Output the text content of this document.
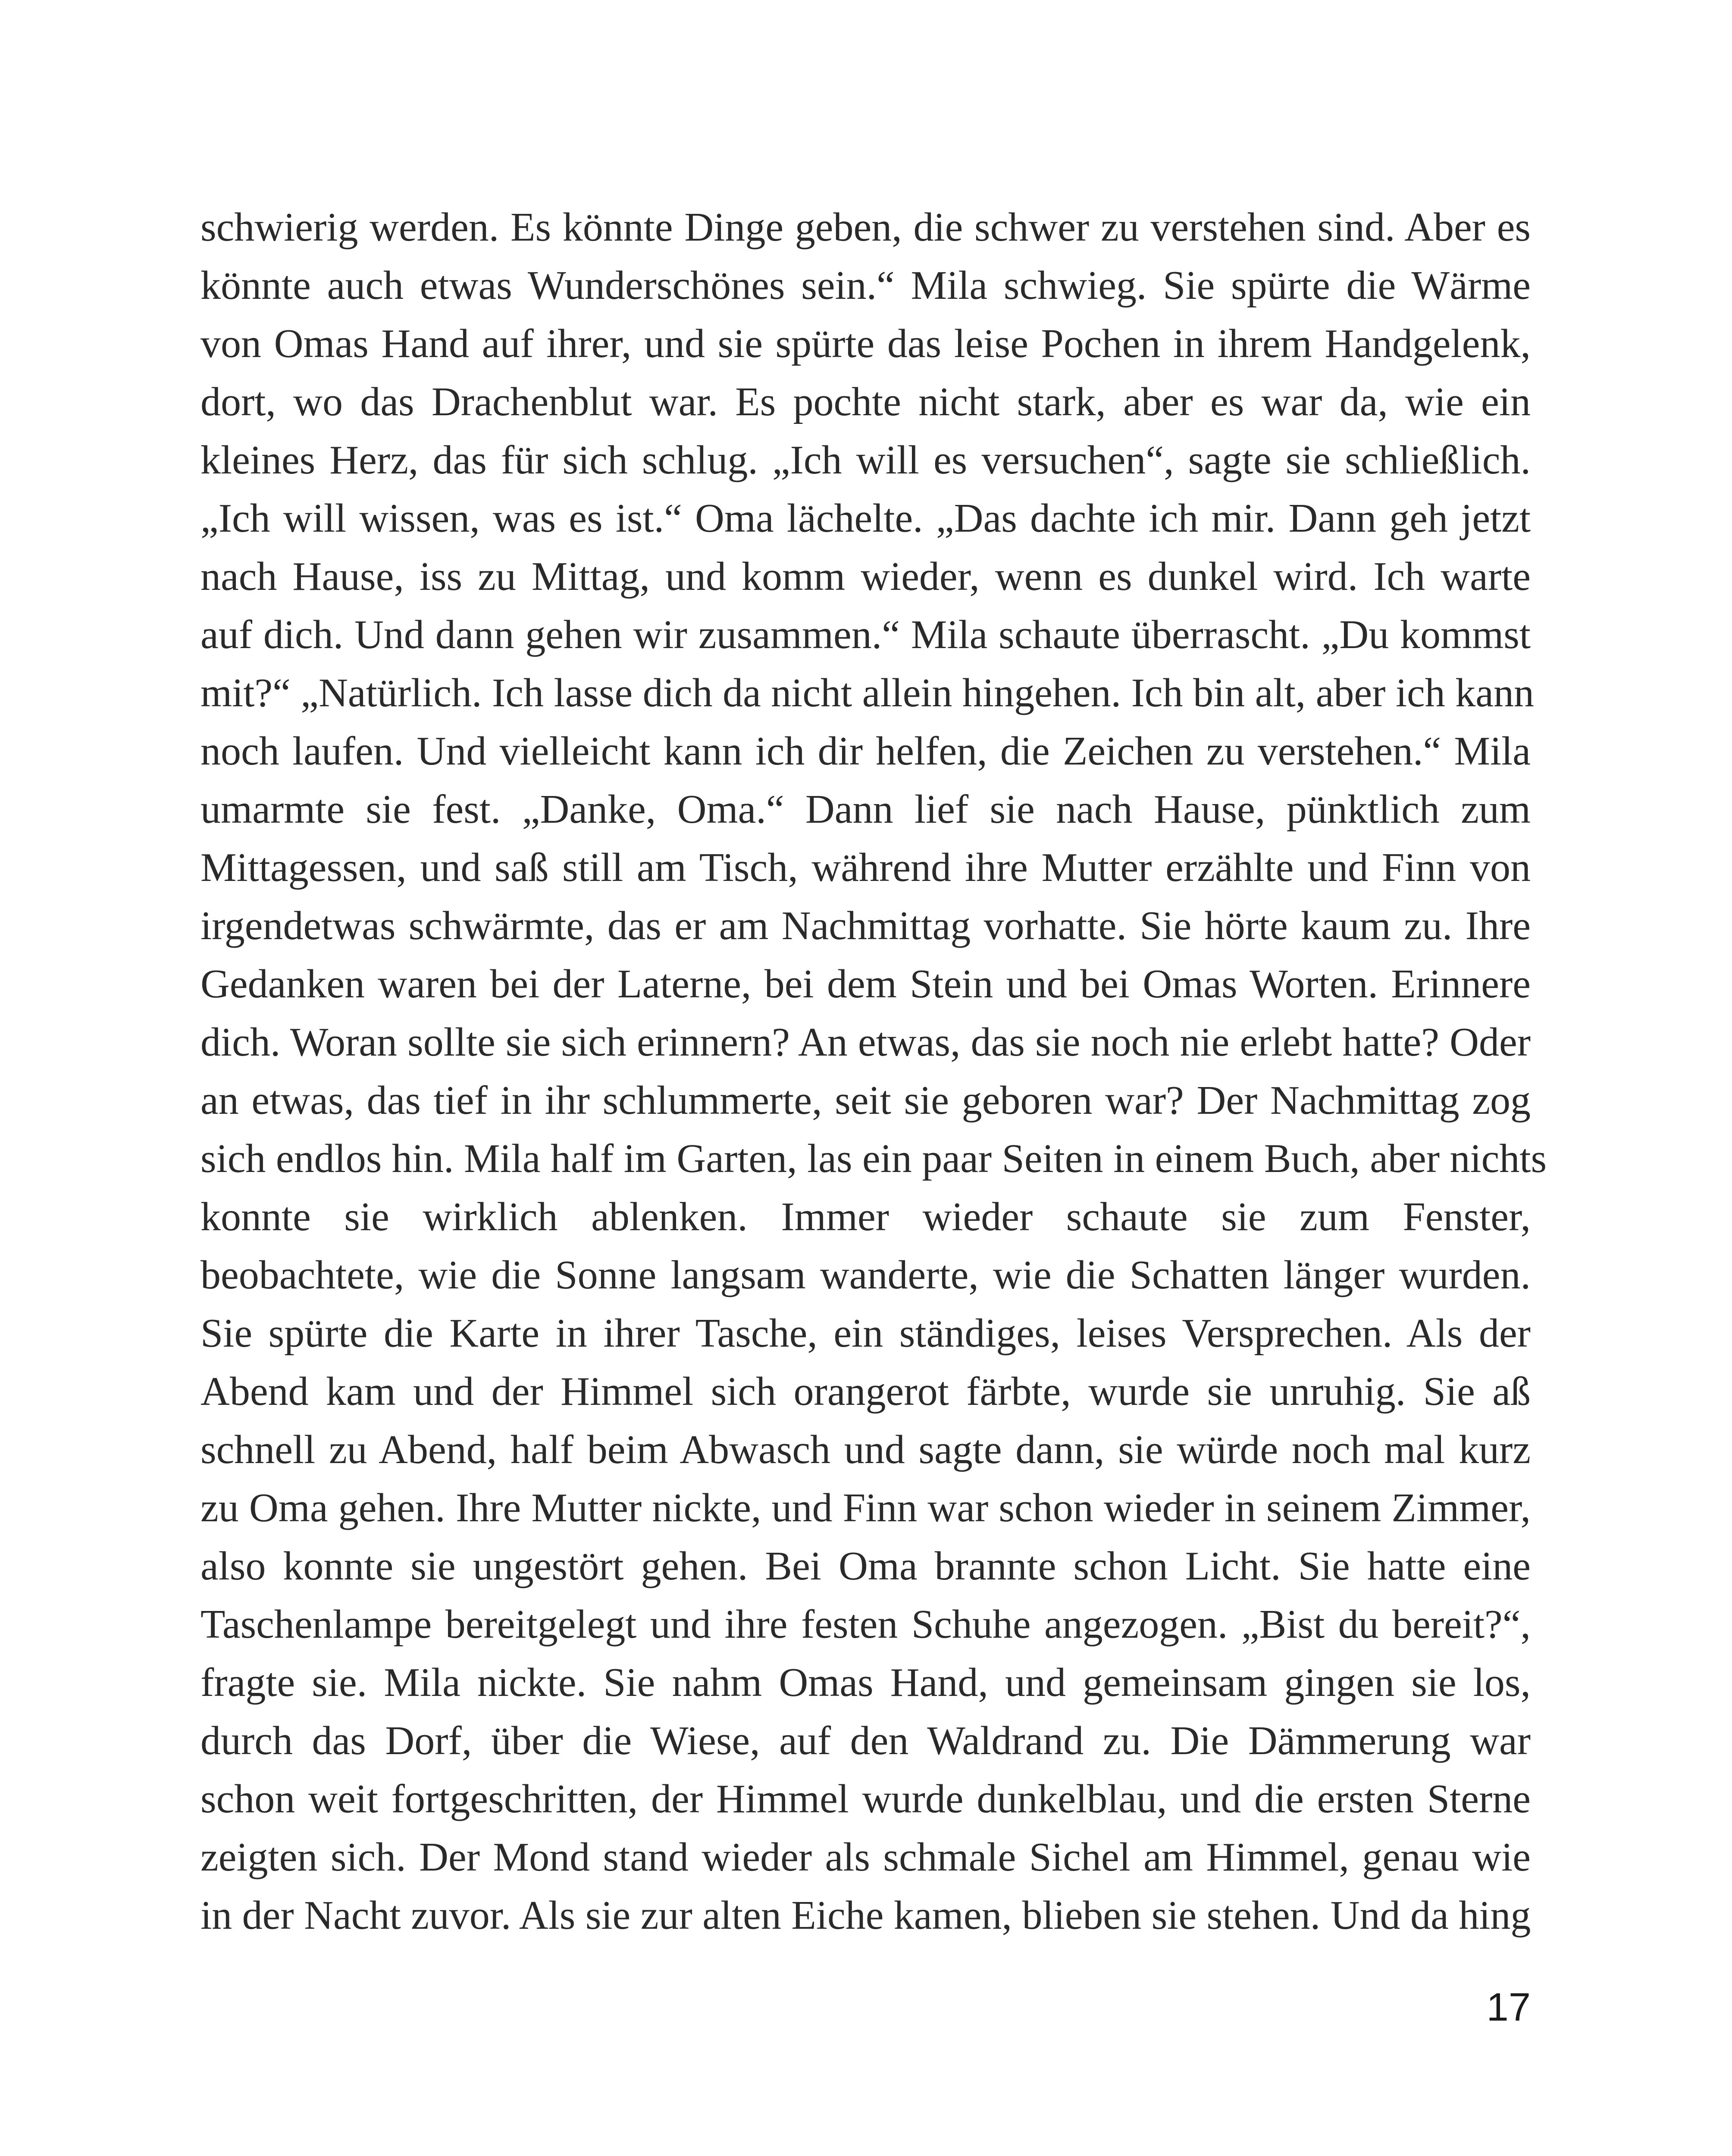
schwierig werden. Es könnte Dinge geben, die schwer zu verstehen sind. Aber es
könnte auch etwas Wunderschönes sein.“ Mila schwieg. Sie spürte die Wärme
von Omas Hand auf ihrer, und sie spürte das leise Pochen in ihrem Handgelenk,
dort, wo das Drachenblut war. Es pochte nicht stark, aber es war da, wie ein
kleines Herz, das für sich schlug. „Ich will es versuchen“, sagte sie schließlich.
„Ich will wissen, was es ist.“ Oma lächelte. „Das dachte ich mir. Dann geh jetzt
nach Hause, iss zu Mittag, und komm wieder, wenn es dunkel wird. Ich warte
auf dich. Und dann gehen wir zusammen.“ Mila schaute überrascht. „Du kommst
mit?“ „Natürlich. Ich lasse dich da nicht allein hingehen. Ich bin alt, aber ich kann
noch laufen. Und vielleicht kann ich dir helfen, die Zeichen zu verstehen.“ Mila
umarmte sie fest. „Danke, Oma.“ Dann lief sie nach Hause, pünktlich zum
Mittagessen, und saß still am Tisch, während ihre Mutter erzählte und Finn von
irgendetwas schwärmte, das er am Nachmittag vorhatte. Sie hörte kaum zu. Ihre
Gedanken waren bei der Laterne, bei dem Stein und bei Omas Worten. Erinnere
dich. Woran sollte sie sich erinnern? An etwas, das sie noch nie erlebt hatte? Oder
an etwas, das tief in ihr schlummerte, seit sie geboren war? Der Nachmittag zog
sich endlos hin. Mila half im Garten, las ein paar Seiten in einem Buch, aber nichts
konnte sie wirklich ablenken. Immer wieder schaute sie zum Fenster,
beobachtete, wie die Sonne langsam wanderte, wie die Schatten länger wurden.
Sie spürte die Karte in ihrer Tasche, ein ständiges, leises Versprechen. Als der
Abend kam und der Himmel sich orangerot färbte, wurde sie unruhig. Sie aß
schnell zu Abend, half beim Abwasch und sagte dann, sie würde noch mal kurz
zu Oma gehen. Ihre Mutter nickte, und Finn war schon wieder in seinem Zimmer,
also konnte sie ungestört gehen. Bei Oma brannte schon Licht. Sie hatte eine
Taschenlampe bereitgelegt und ihre festen Schuhe angezogen. „Bist du bereit?“,
fragte sie. Mila nickte. Sie nahm Omas Hand, und gemeinsam gingen sie los,
durch das Dorf, über die Wiese, auf den Waldrand zu. Die Dämmerung war
schon weit fortgeschritten, der Himmel wurde dunkelblau, und die ersten Sterne
zeigten sich. Der Mond stand wieder als schmale Sichel am Himmel, genau wie
in der Nacht zuvor. Als sie zur alten Eiche kamen, blieben sie stehen. Und da hing
17
